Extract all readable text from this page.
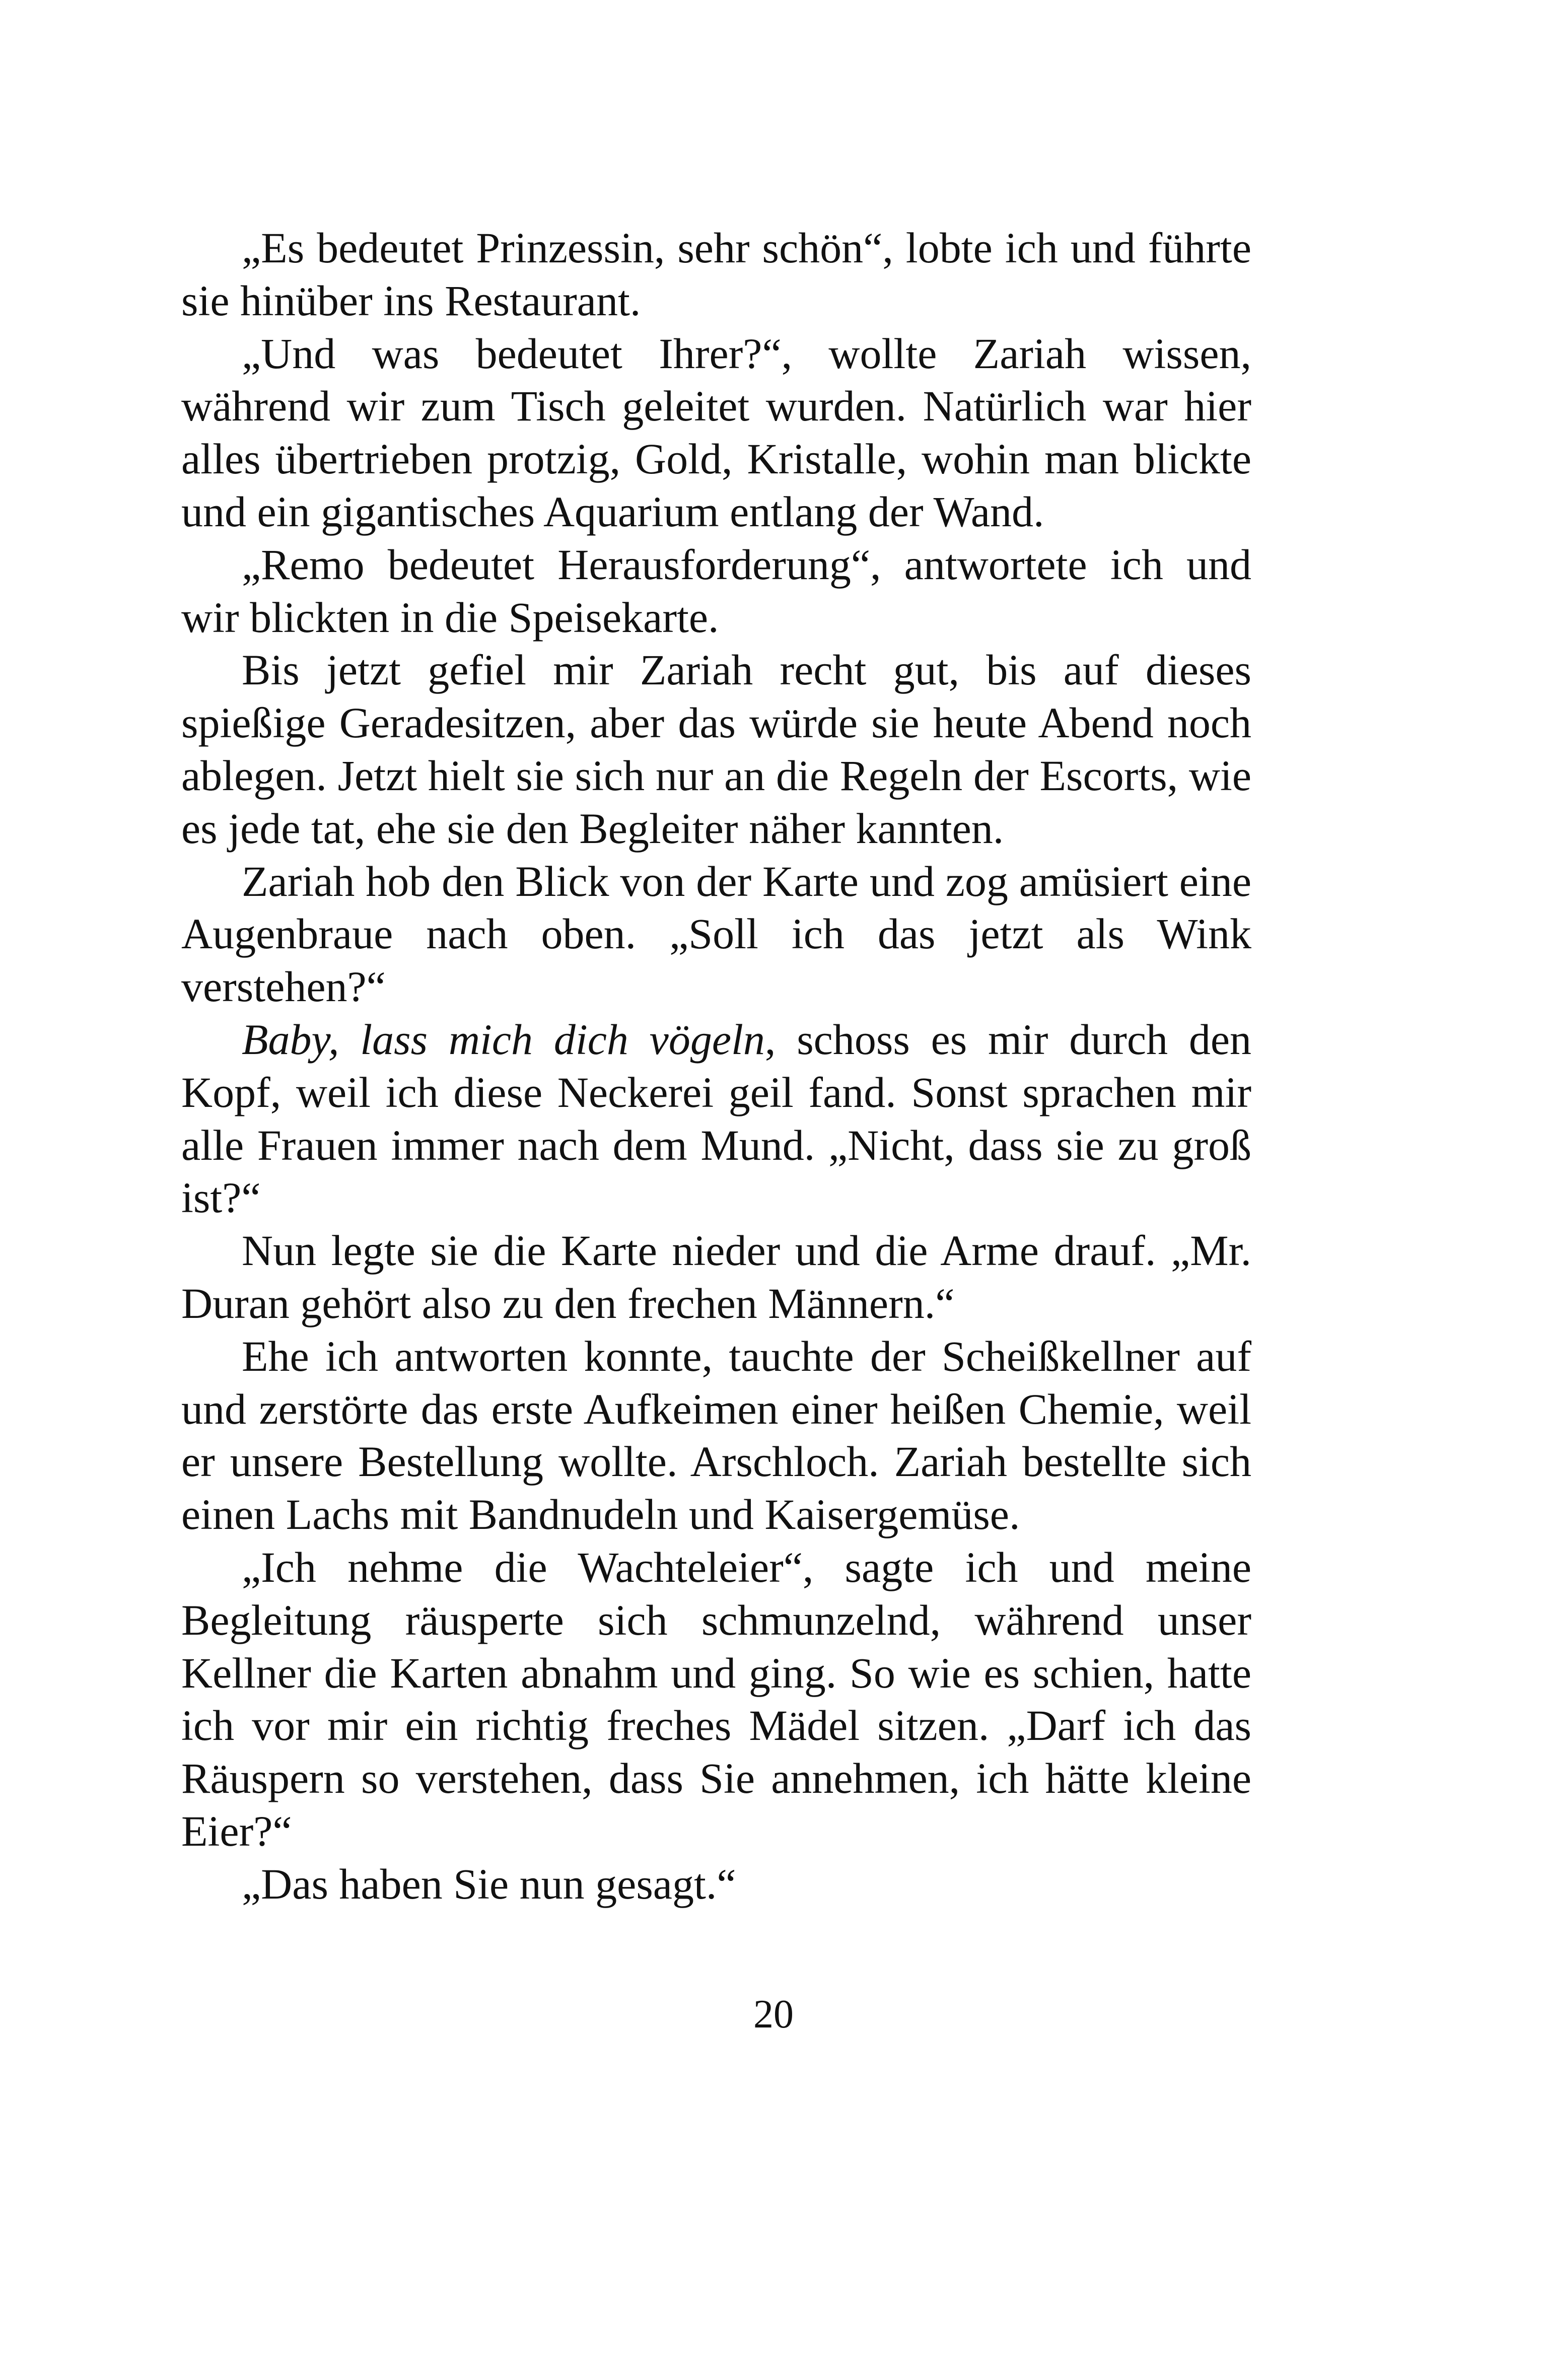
„Es bedeutet Prinzessin, sehr schön“, lobte ich und führte sie hinüber ins Restaurant.

„Und was bedeutet Ihrer?“, wollte Zariah wissen, während wir zum Tisch geleitet wurden. Natürlich war hier alles übertrieben protzig, Gold, Kristalle, wohin man blickte und ein gigantisches Aquarium entlang der Wand.

„Remo bedeutet Herausforderung“, antwortete ich und wir blickten in die Speisekarte.

Bis jetzt gefiel mir Zariah recht gut, bis auf dieses spießige Geradesitzen, aber das würde sie heute Abend noch ablegen. Jetzt hielt sie sich nur an die Regeln der Escorts, wie es jede tat, ehe sie den Begleiter näher kannten.

Zariah hob den Blick von der Karte und zog amüsiert eine Augenbraue nach oben. „Soll ich das jetzt als Wink verstehen?“

Baby, lass mich dich vögeln, schoss es mir durch den Kopf, weil ich diese Neckerei geil fand. Sonst sprachen mir alle Frauen immer nach dem Mund. „Nicht, dass sie zu groß ist?“

Nun legte sie die Karte nieder und die Arme drauf. „Mr. Duran gehört also zu den frechen Männern.“

Ehe ich antworten konnte, tauchte der Scheißkellner auf und zerstörte das erste Aufkeimen einer heißen Chemie, weil er unsere Bestellung wollte. Arschloch. Zariah bestellte sich einen Lachs mit Bandnudeln und Kaisergemüse.

„Ich nehme die Wachteleier“, sagte ich und meine Begleitung räusperte sich schmunzelnd, während unser Kellner die Karten abnahm und ging. So wie es schien, hatte ich vor mir ein richtig freches Mädel sitzen. „Darf ich das Räuspern so verstehen, dass Sie annehmen, ich hätte kleine Eier?“

„Das haben Sie nun gesagt.“

20
